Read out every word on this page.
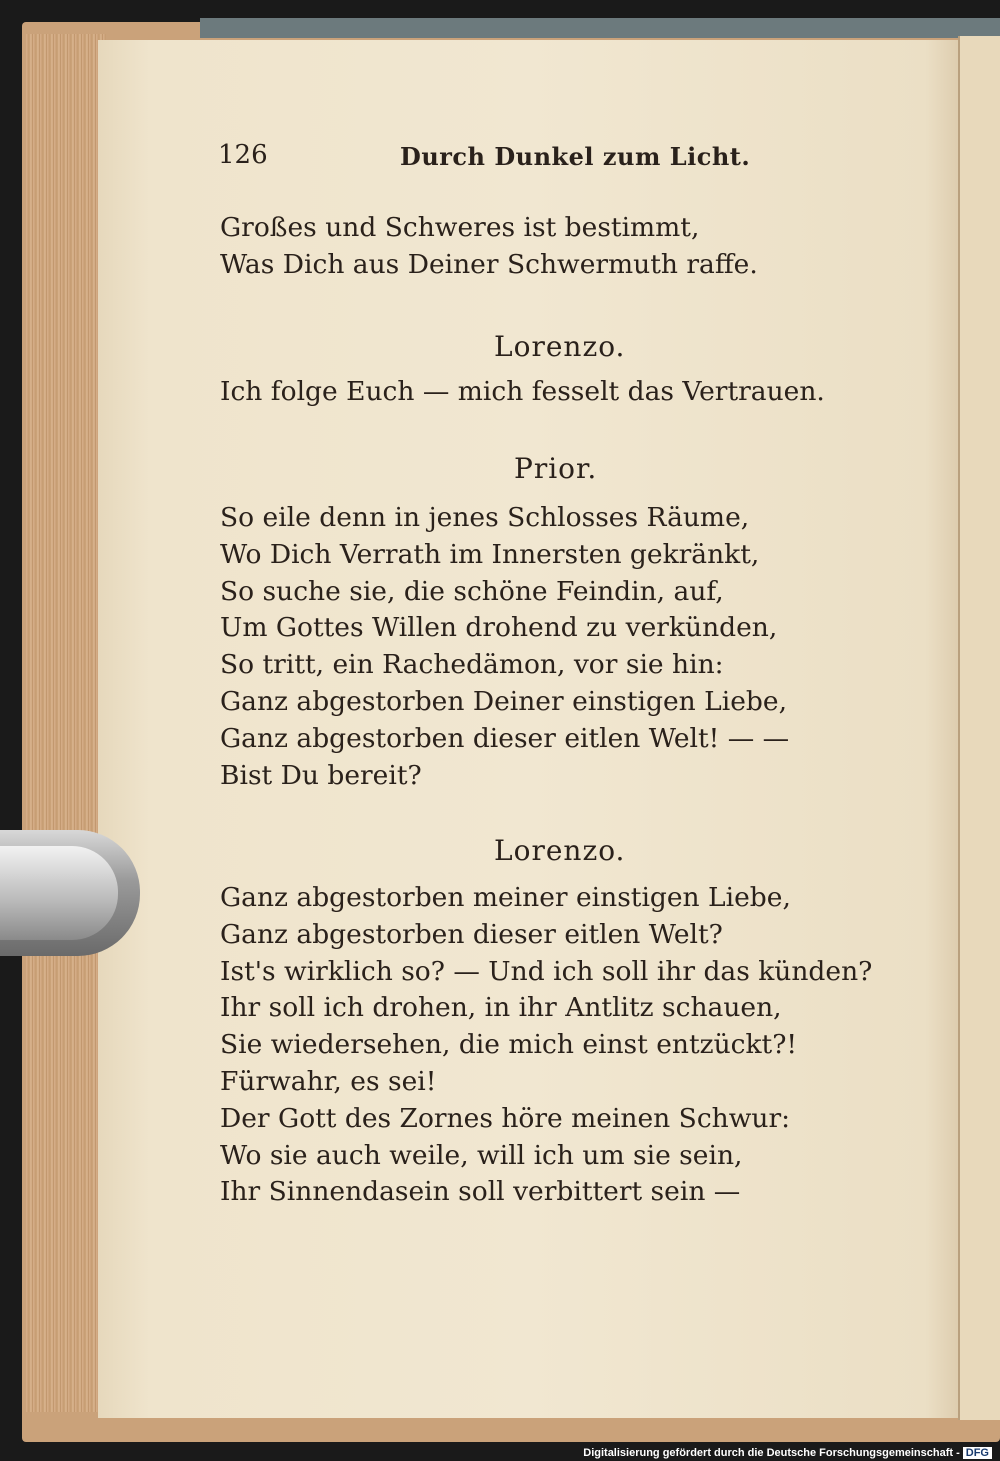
126	Durch Dunkel zum Licht.
Großes und Schweres ist bestimmt,
Was Dich aus Deiner Schwermuth raffe.
Lorenzo.
Ich folge Euch — mich fesselt das Vertrauen.
Prior.
So eile denn in jenes Schlosses Räume,
Wo Dich Verrath im Innersten gekränkt,
So suche sie, die schöne Feindin, auf,
Um Gottes Willen drohend zu verkünden,
So tritt, ein Rachedämon, vor sie hin:
Ganz abgestorben Deiner einstigen Liebe,
Ganz abgestorben dieser eitlen Welt! — —
Bist Du bereit?
Lorenzo.
Ganz abgestorben meiner einstigen Liebe,
Ganz abgestorben dieser eitlen Welt?
Ist's wirklich so? — Und ich soll ihr das künden?
Ihr soll ich drohen, in ihr Antlitz schauen,
Sie wiedersehen, die mich einst entzückt?!
Fürwahr, es sei!
Der Gott des Zornes höre meinen Schwur:
Wo sie auch weile, will ich um sie sein,
Ihr Sinnendasein soll verbittert sein —
Digitalisierung gefördert durch die Deutsche Forschungsgemeinschaft - DFG
